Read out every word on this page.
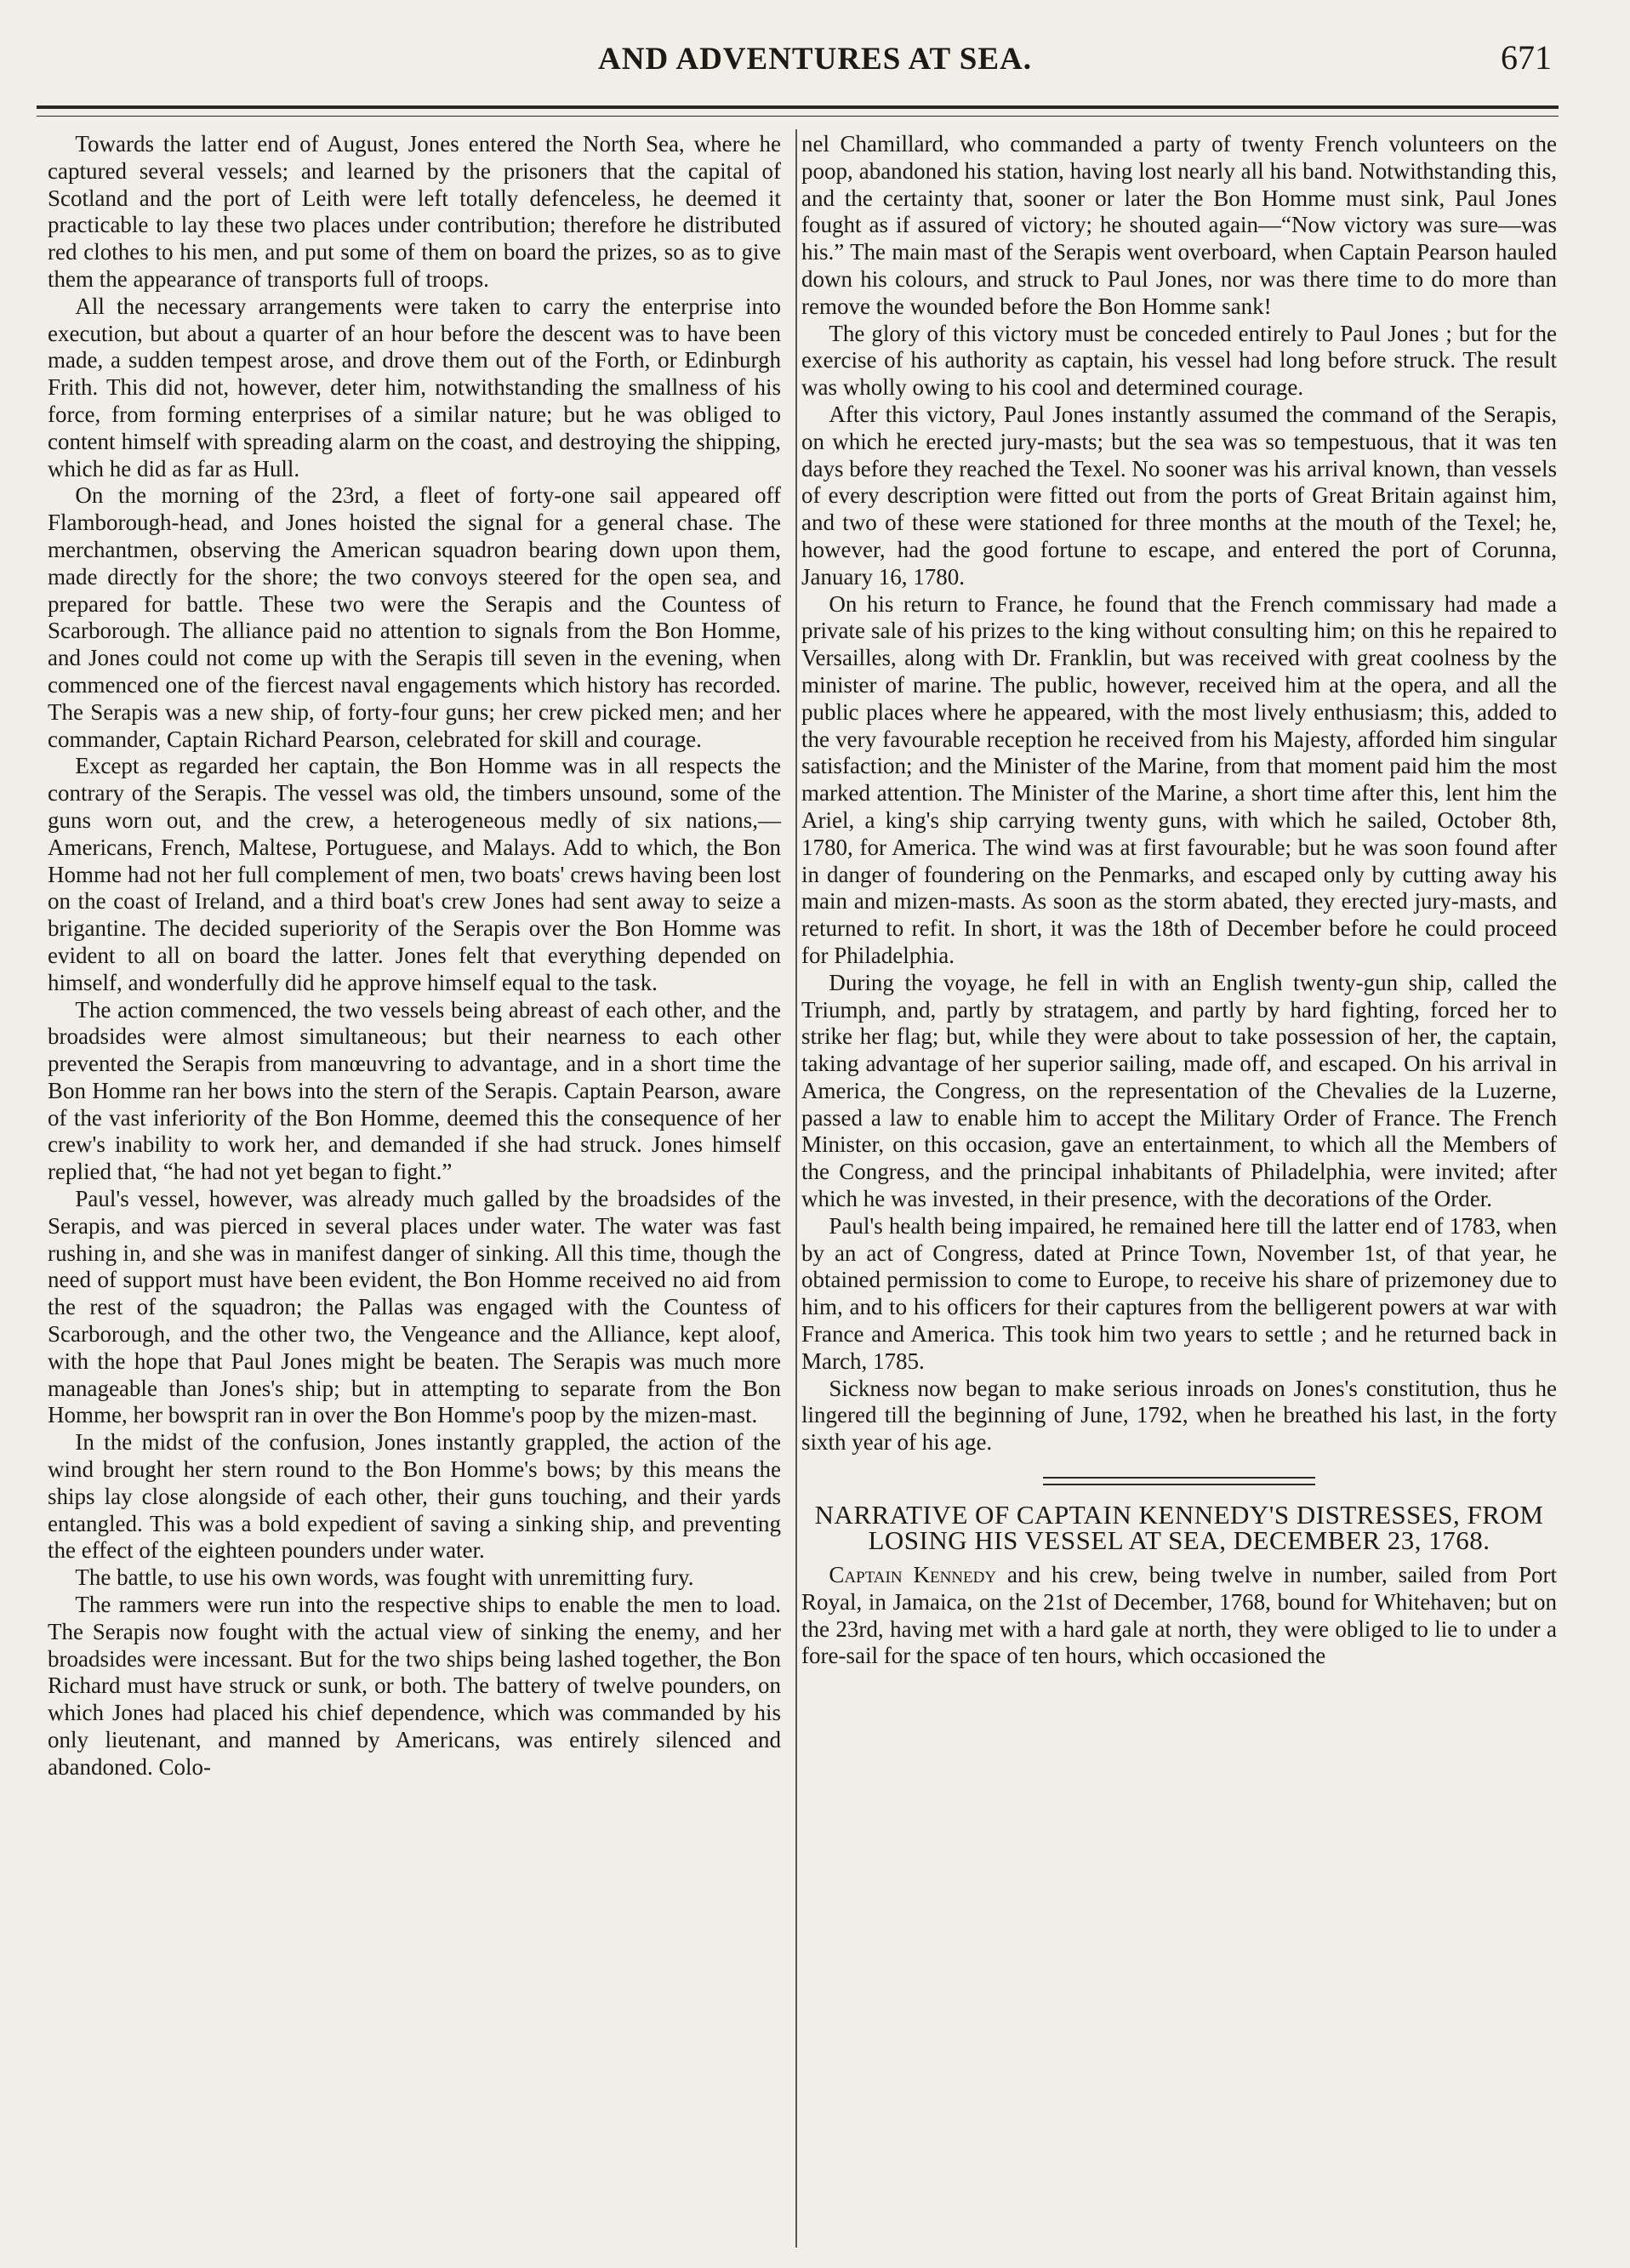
AND ADVENTURES AT SEA.	671

Towards the latter end of August, Jones entered the North Sea, where he captured several vessels; and learned by the prisoners that the capital of Scotland and the port of Leith were left totally defenceless, he deemed it practicable to lay these two places under contribution; therefore he distributed red clothes to his men, and put some of them on board the prizes, so as to give them the appearance of transports full of troops.

All the necessary arrangements were taken to carry the enterprise into execution, but about a quarter of an hour before the descent was to have been made, a sudden tempest arose, and drove them out of the Forth, or Edinburgh Frith. This did not, however, deter him, notwithstanding the smallness of his force, from forming enterprises of a similar nature; but he was obliged to content himself with spreading alarm on the coast, and destroying the shipping, which he did as far as Hull.

On the morning of the 23rd, a fleet of forty-one sail appeared off Flamborough-head, and Jones hoisted the signal for a general chase. The merchantmen, observing the American squadron bearing down upon them, made directly for the shore; the two convoys steered for the open sea, and prepared for battle. These two were the Serapis and the Countess of Scarborough. The alliance paid no attention to signals from the Bon Homme, and Jones could not come up with the Serapis till seven in the evening, when commenced one of the fiercest naval engagements which history has recorded. The Serapis was a new ship, of forty-four guns; her crew picked men; and her commander, Captain Richard Pearson, celebrated for skill and courage.

Except as regarded her captain, the Bon Homme was in all respects the contrary of the Serapis. The vessel was old, the timbers unsound, some of the guns worn out, and the crew, a heterogeneous medly of six nations,—Americans, French, Maltese, Portuguese, and Malays. Add to which, the Bon Homme had not her full complement of men, two boats' crews having been lost on the coast of Ireland, and a third boat's crew Jones had sent away to seize a brigantine. The decided superiority of the Serapis over the Bon Homme was evident to all on board the latter. Jones felt that everything depended on himself, and wonderfully did he approve himself equal to the task.

The action commenced, the two vessels being abreast of each other, and the broadsides were almost simultaneous; but their nearness to each other prevented the Serapis from manœuvring to advantage, and in a short time the Bon Homme ran her bows into the stern of the Serapis. Captain Pearson, aware of the vast inferiority of the Bon Homme, deemed this the consequence of her crew's inability to work her, and demanded if she had struck. Jones himself replied that, “he had not yet began to fight.”

Paul's vessel, however, was already much galled by the broadsides of the Serapis, and was pierced in several places under water. The water was fast rushing in, and she was in manifest danger of sinking. All this time, though the need of support must have been evident, the Bon Homme received no aid from the rest of the squadron; the Pallas was engaged with the Countess of Scarborough, and the other two, the Vengeance and the Alliance, kept aloof, with the hope that Paul Jones might be beaten. The Serapis was much more manageable than Jones's ship; but in attempting to separate from the Bon Homme, her bowsprit ran in over the Bon Homme's poop by the mizen-mast.

In the midst of the confusion, Jones instantly grappled, the action of the wind brought her stern round to the Bon Homme's bows; by this means the ships lay close alongside of each other, their guns touching, and their yards entangled. This was a bold expedient of saving a sinking ship, and preventing the effect of the eighteen pounders under water.

The battle, to use his own words, was fought with unremitting fury.

The rammers were run into the respective ships to enable the men to load. The Serapis now fought with the actual view of sinking the enemy, and her broadsides were incessant. But for the two ships being lashed together, the Bon Richard must have struck or sunk, or both. The battery of twelve pounders, on which Jones had placed his chief dependence, which was commanded by his only lieutenant, and manned by Americans, was entirely silenced and abandoned. Colo-

nel Chamillard, who commanded a party of twenty French volunteers on the poop, abandoned his station, having lost nearly all his band. Notwithstanding this, and the certainty that, sooner or later the Bon Homme must sink, Paul Jones fought as if assured of victory; he shouted again—“Now victory was sure—was his.” The main mast of the Serapis went overboard, when Captain Pearson hauled down his colours, and struck to Paul Jones, nor was there time to do more than remove the wounded before the Bon Homme sank!

The glory of this victory must be conceded entirely to Paul Jones ; but for the exercise of his authority as captain, his vessel had long before struck. The result was wholly owing to his cool and determined courage.

After this victory, Paul Jones instantly assumed the command of the Serapis, on which he erected jury-masts; but the sea was so tempestuous, that it was ten days before they reached the Texel. No sooner was his arrival known, than vessels of every description were fitted out from the ports of Great Britain against him, and two of these were stationed for three months at the mouth of the Texel; he, however, had the good fortune to escape, and entered the port of Corunna, January 16, 1780.

On his return to France, he found that the French commissary had made a private sale of his prizes to the king without consulting him; on this he repaired to Versailles, along with Dr. Franklin, but was received with great coolness by the minister of marine. The public, however, received him at the opera, and all the public places where he appeared, with the most lively enthusiasm; this, added to the very favourable reception he received from his Majesty, afforded him singular satisfaction; and the Minister of the Marine, from that moment paid him the most marked attention. The Minister of the Marine, a short time after this, lent him the Ariel, a king's ship carrying twenty guns, with which he sailed, October 8th, 1780, for America. The wind was at first favourable; but he was soon found after in danger of foundering on the Penmarks, and escaped only by cutting away his main and mizen-masts. As soon as the storm abated, they erected jury-masts, and returned to refit. In short, it was the 18th of December before he could proceed for Philadelphia.

During the voyage, he fell in with an English twenty-gun ship, called the Triumph, and, partly by stratagem, and partly by hard fighting, forced her to strike her flag; but, while they were about to take possession of her, the captain, taking advantage of her superior sailing, made off, and escaped. On his arrival in America, the Congress, on the representation of the Chevalies de la Luzerne, passed a law to enable him to accept the Military Order of France. The French Minister, on this occasion, gave an entertainment, to which all the Members of the Congress, and the principal inhabitants of Philadelphia, were invited; after which he was invested, in their presence, with the decorations of the Order.

Paul's health being impaired, he remained here till the latter end of 1783, when by an act of Congress, dated at Prince Town, November 1st, of that year, he obtained permission to come to Europe, to receive his share of prizemoney due to him, and to his officers for their captures from the belligerent powers at war with France and America. This took him two years to settle ; and he returned back in March, 1785.

Sickness now began to make serious inroads on Jones's constitution, thus he lingered till the beginning of June, 1792, when he breathed his last, in the forty sixth year of his age.

NARRATIVE OF CAPTAIN KENNEDY'S DISTRESSES, FROM LOSING HIS VESSEL AT SEA, DECEMBER 23, 1768.

Captain Kennedy and his crew, being twelve in number, sailed from Port Royal, in Jamaica, on the 21st of December, 1768, bound for Whitehaven; but on the 23rd, having met with a hard gale at north, they were obliged to lie to under a fore-sail for the space of ten hours, which occasioned the
